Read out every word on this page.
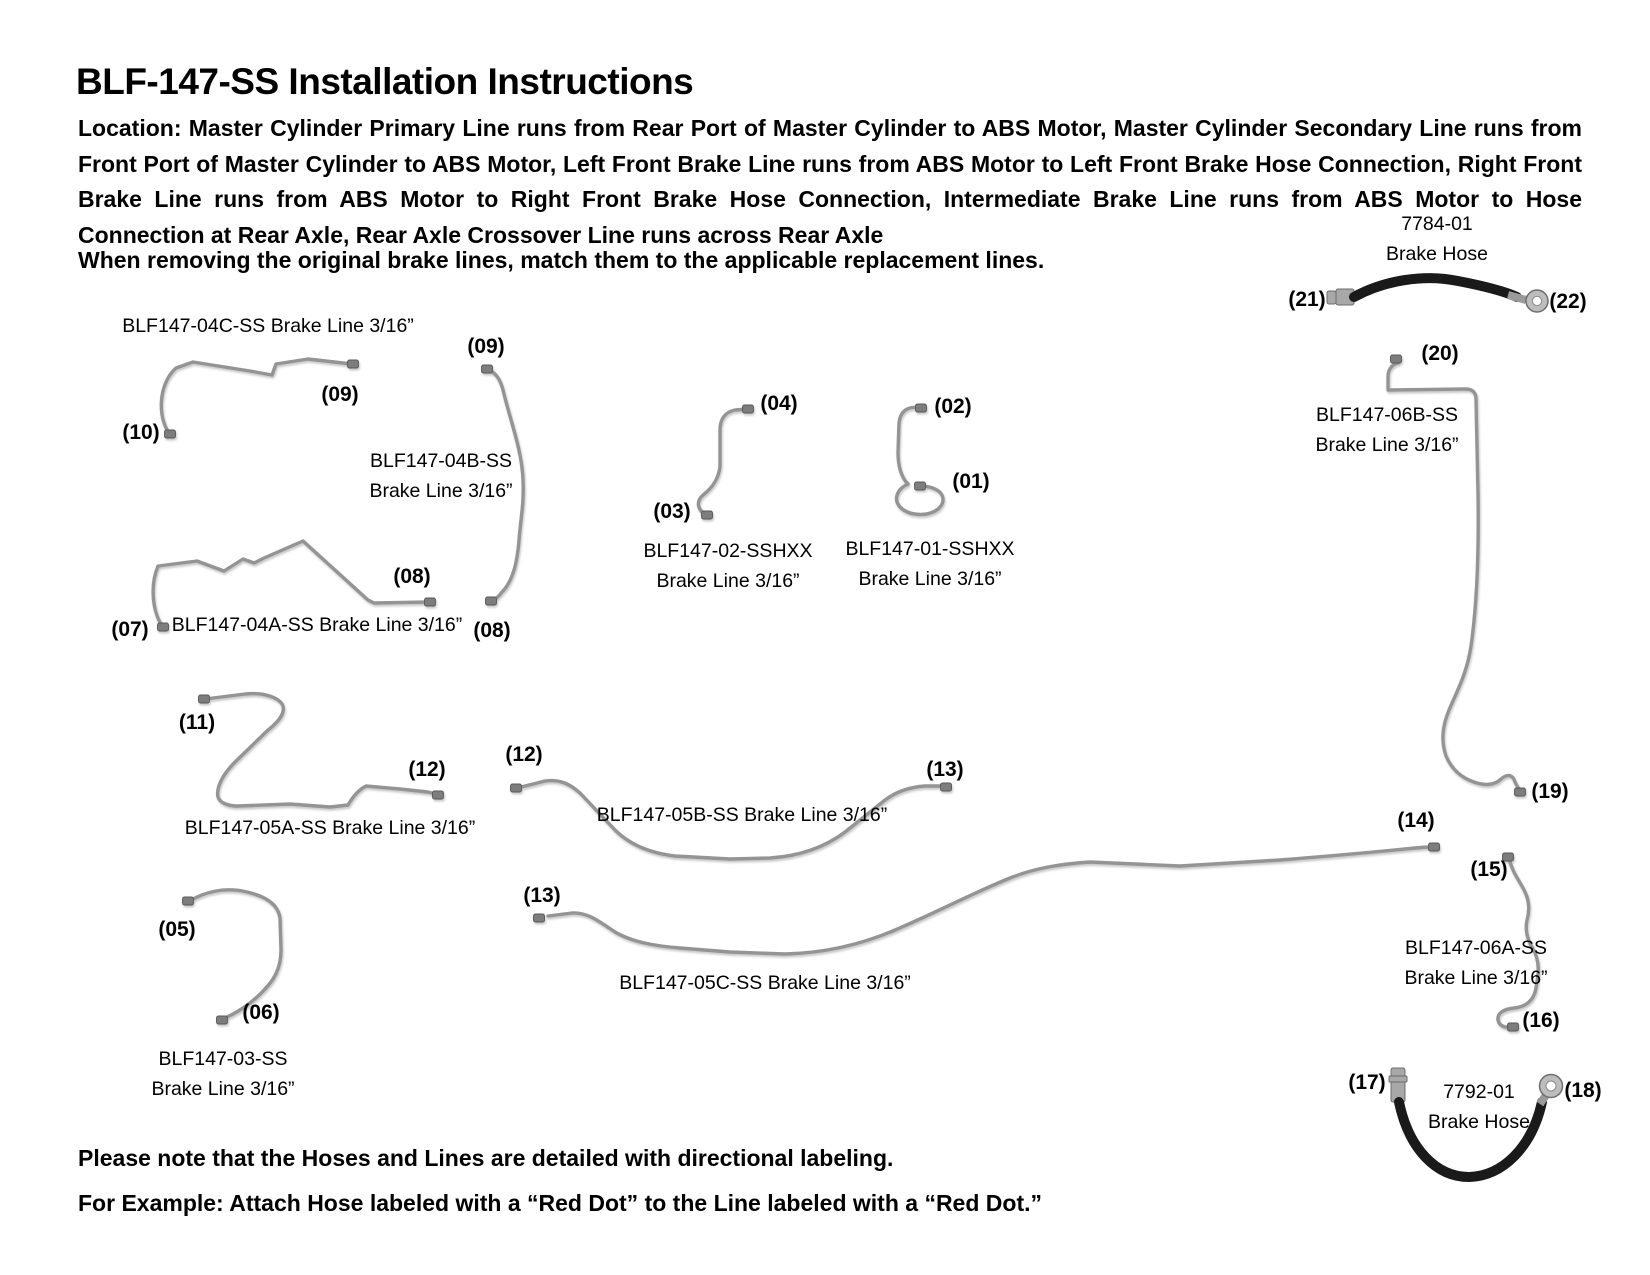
BLF-147-SS Installation Instructions

Location: Master Cylinder Primary Line runs from Rear Port of Master Cylinder to ABS Motor, Master Cylinder Secondary Line runs from Front Port of Master Cylinder to ABS Motor, Left Front Brake Line runs from ABS Motor to Left Front Brake Hose Connection, Right Front Brake Line runs from ABS Motor to Right Front Brake Hose Connection, Intermediate Brake Line runs from ABS Motor to Hose Connection at Rear Axle, Rear Axle Crossover Line runs across Rear Axle

When removing the original brake lines, match them to the applicable replacement lines.
Please note that the Hoses and Lines are detailed with directional labeling.
For Example: Attach Hose labeled with a “Red Dot” to the Line labeled with a “Red Dot.”
7784-01
Brake Hose
BLF147-04C-SS Brake Line 3/16”
BLF147-04B-SS
Brake Line 3/16”
BLF147-06B-SS
Brake Line 3/16”
BLF147-02-SSHXX
Brake Line 3/16”
BLF147-01-SSHXX
Brake Line 3/16”
BLF147-04A-SS Brake Line 3/16”
BLF147-05A-SS Brake Line 3/16”
BLF147-05B-SS Brake Line 3/16”
BLF147-05C-SS Brake Line 3/16”
BLF147-06A-SS
Brake Line 3/16”
BLF147-03-SS
Brake Line 3/16”	7792-01
Brake Hose
(21)	(22)
(20)
(09)
(09)
(10)
(04)	(02)
(01)
(03)
(08)
(07)	(08)
(11)
(12)
(12)
(13)
(14)
(19)
(15)
(13)
(05)
(06)	(16)
(17)	(18)
